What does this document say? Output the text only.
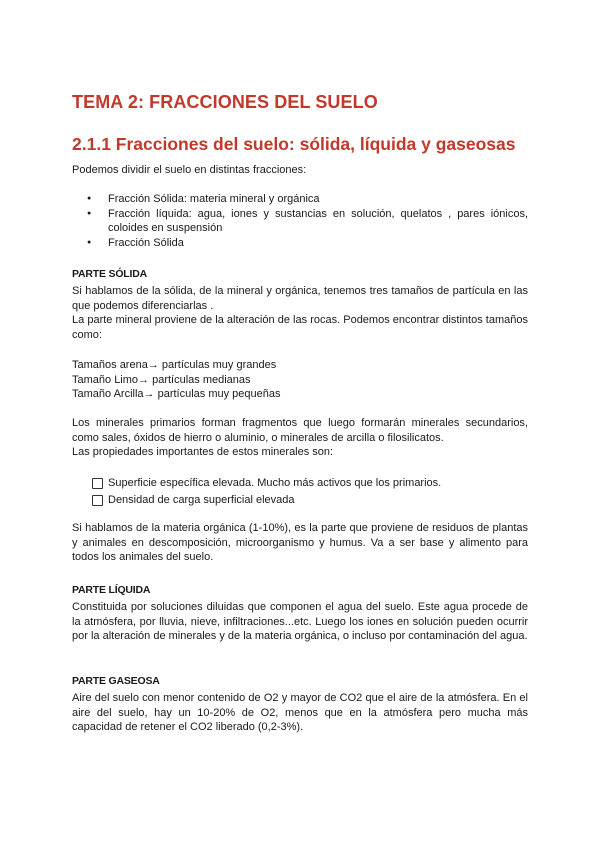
TEMA 2: FRACCIONES DEL SUELO
2.1.1 Fracciones del suelo: sólida, líquida y gaseosas

Podemos dividir el suelo en distintas fracciones:

● Fracción Sólida: materia mineral y orgánica
● Fracción líquida: agua, iones y sustancias en solución, quelatos , pares iónicos, coloides en suspensión
● Fracción Sólida
PARTE SÓLIDA

Si hablamos de la sólida, de la mineral y orgánica, tenemos tres tamaños de partícula en las que podemos diferenciarlas .

La parte mineral proviene de la alteración de las rocas. Podemos encontrar distintos tamaños como:

Tamaños arena→ partículas muy grandes

Tamaño Limo→ partículas medianas

Tamaño Arcilla→ partículas muy pequeñas

Los minerales primarios forman fragmentos que luego formarán minerales secundarios, como sales, óxidos de hierro o aluminio, o minerales de arcilla o filosilicatos.

Las propiedades importantes de estos minerales son:

Superficie específica elevada. Mucho más activos que los primarios.
Densidad de carga superficial elevada

Si hablamos de la materia orgánica (1-10%), es la parte que proviene de residuos de plantas y animales en descomposición, microorganismo y humus. Va a ser base y alimento para todos los animales del suelo.

PARTE LÍQUIDA

Constituida por soluciones diluidas que componen el agua del suelo. Este agua procede de la atmósfera, por lluvia, nieve, infiltraciones...etc. Luego los iones en solución pueden ocurrir por la alteración de minerales y de la materia orgánica, o incluso por contaminación del agua.

PARTE GASEOSA

Aire del suelo con menor contenido de O2 y mayor de CO2 que el aire de la atmósfera. En el aire del suelo, hay un 10-20% de O2, menos que en la atmósfera pero mucha más capacidad de retener el CO2 liberado (0,2-3%).
